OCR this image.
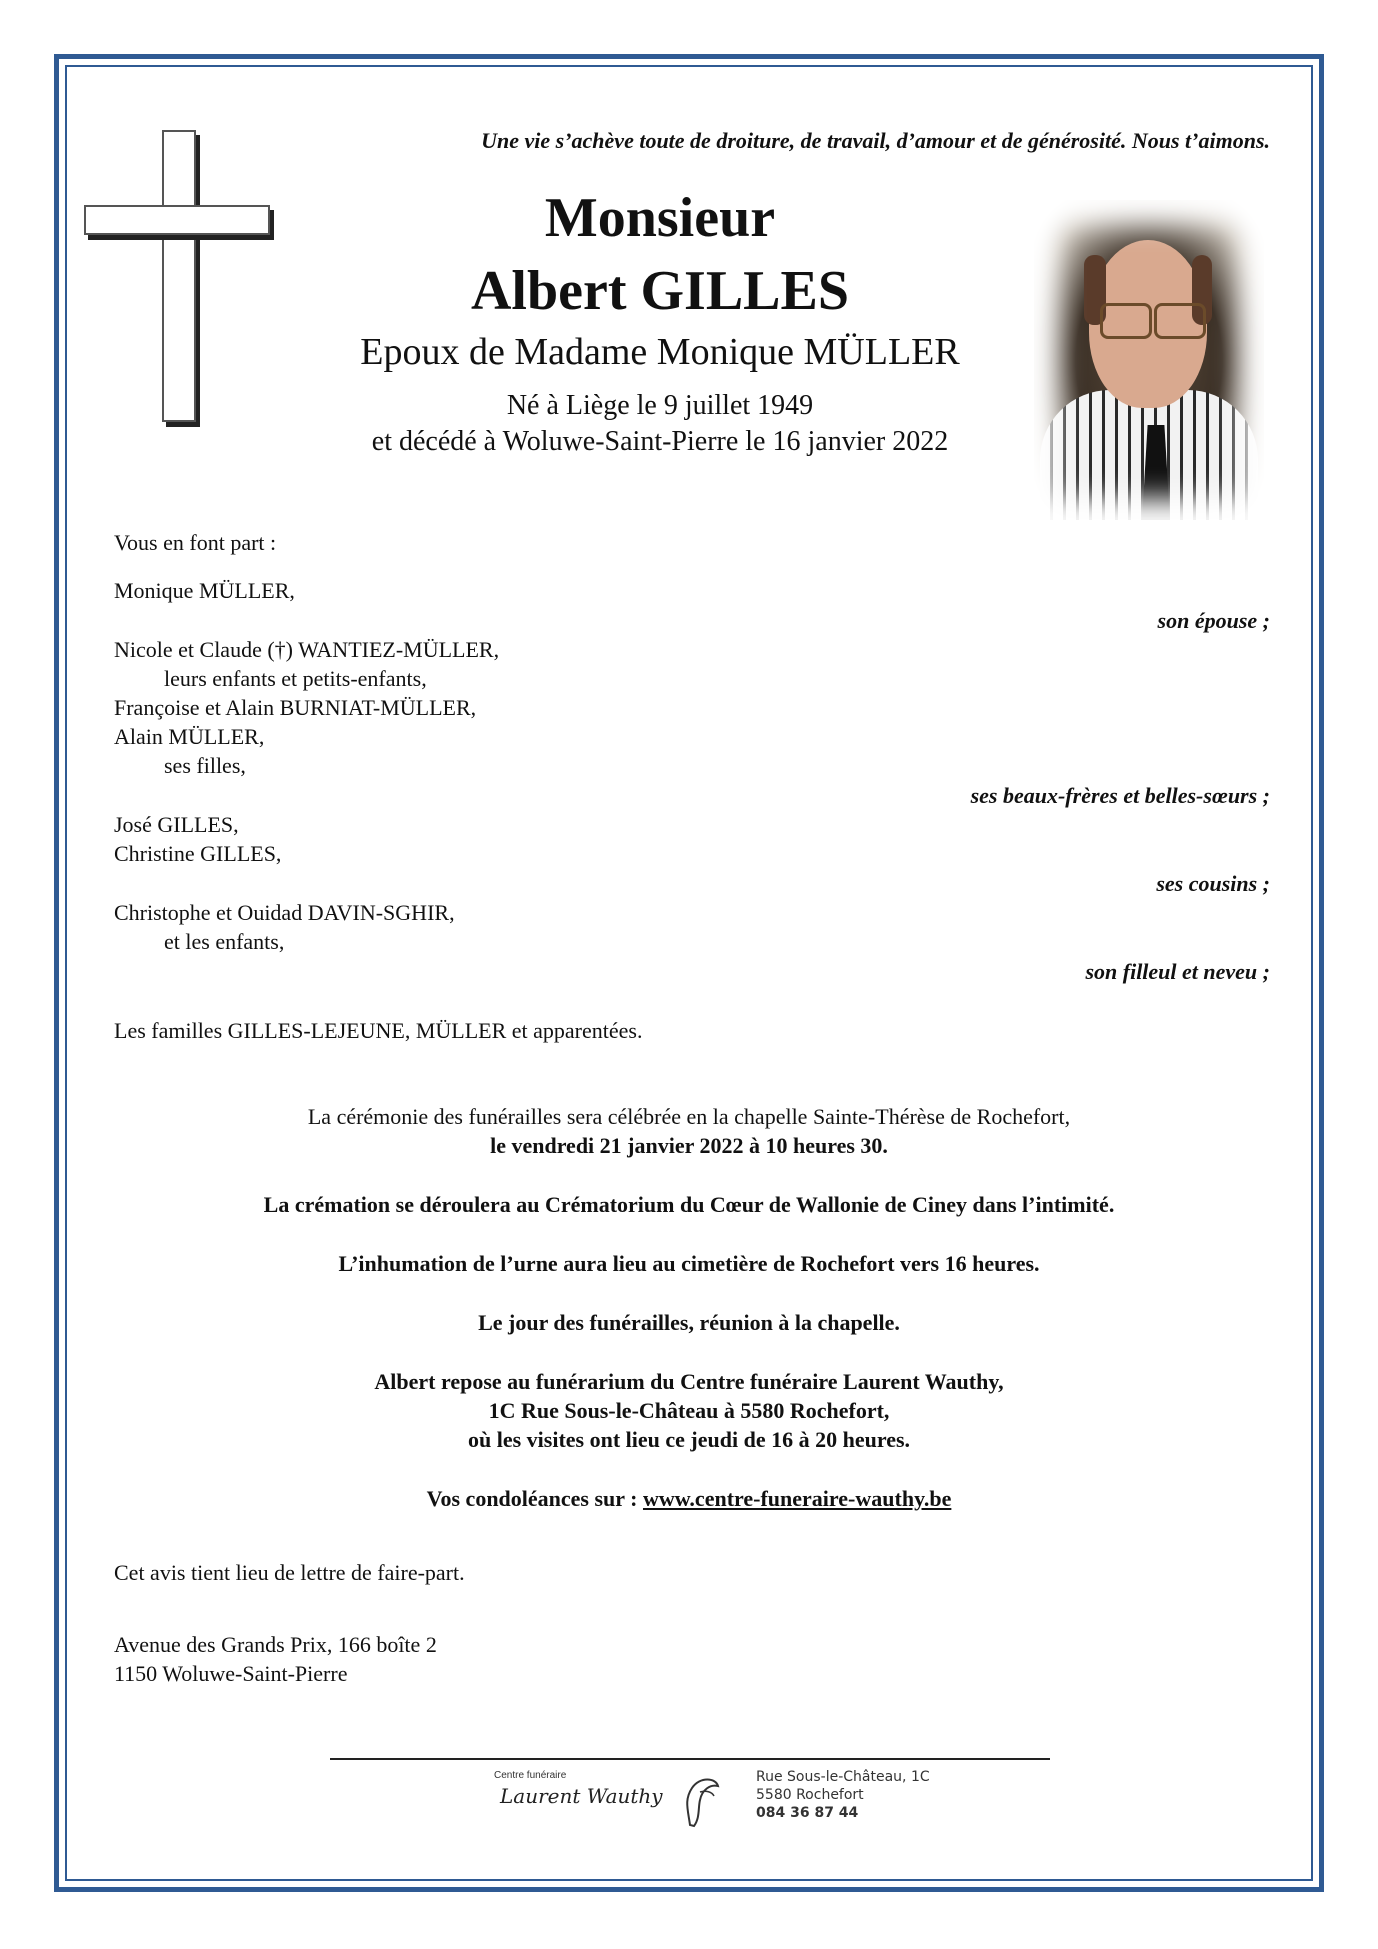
Une vie s’achève toute de droiture, de travail, d’amour et de générosité. Nous t’aimons.
Monsieur
Albert GILLES
Epoux de Madame Monique MÜLLER
Né à Liège le 9 juillet 1949
et décédé à Woluwe-Saint-Pierre le 16 janvier 2022
Vous en font part :
Monique MÜLLER,
son épouse ;
Nicole et Claude (†) WANTIEZ-MÜLLER,
leurs enfants et petits-enfants,
Françoise et Alain BURNIAT-MÜLLER,
Alain MÜLLER,
ses filles,
ses beaux-frères et belles-sœurs ;
José GILLES,
Christine GILLES,
ses cousins ;
Christophe et Ouidad DAVIN-SGHIR,
et les enfants,
son filleul et neveu ;
Les familles GILLES-LEJEUNE, MÜLLER et apparentées.
La cérémonie des funérailles sera célébrée en la chapelle Sainte-Thérèse de Rochefort,
le vendredi 21 janvier 2022 à 10 heures 30.
La crémation se déroulera au Crématorium du Cœur de Wallonie de Ciney dans l’intimité.
L’inhumation de l’urne aura lieu au cimetière de Rochefort vers 16 heures.
Le jour des funérailles, réunion à la chapelle.
Albert repose au funérarium du Centre funéraire Laurent Wauthy,
1C Rue Sous-le-Château à 5580 Rochefort,
où les visites ont lieu ce jeudi de 16 à 20 heures.
Vos condoléances sur : www.centre-funeraire-wauthy.be
Cet avis tient lieu de lettre de faire-part.
Avenue des Grands Prix, 166 boîte 2
1150 Woluwe-Saint-Pierre
Centre funéraire
Laurent Wauthy
Rue Sous-le-Château, 1C
5580 Rochefort
084 36 87 44
